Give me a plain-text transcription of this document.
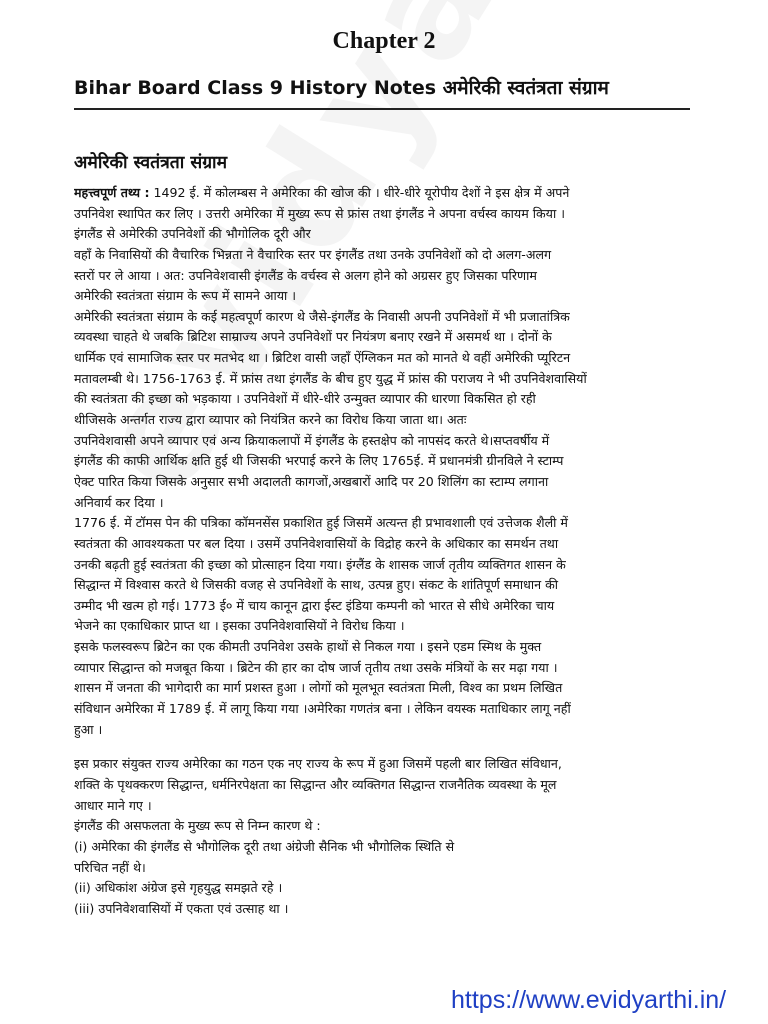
Chapter 2
Bihar Board Class 9 History Notes अमेरिकी स्वतंत्रता संग्राम
अमेरिकी स्वतंत्रता संग्राम
महत्त्वपूर्ण तथ्य : 1492 ई. में कोलम्बस ने अमेरिका की खोज की । धीरे-धीरे यूरोपीय देशों ने इस क्षेत्र में अपने
उपनिवेश स्थापित कर लिए । उत्तरी अमेरिका में मुख्य रूप से फ्रांस तथा इंगलैंड ने अपना वर्चस्व कायम किया ।
इंगलैंड से अमेरिकी उपनिवेशों की भौगोलिक दूरी और
वहाँ के निवासियों की वैचारिक भिन्नता ने वैचारिक स्तर पर इंगलैंड तथा उनके उपनिवेशों को दो अलग-अलग
स्तरों पर ले आया । अत: उपनिवेशवासी इंगलैंड के वर्चस्व से अलग होने को अग्रसर हुए जिसका परिणाम
अमेरिकी स्वतंत्रता संग्राम के रूप में सामने आया ।
अमेरिकी स्वतंत्रता संग्राम के कई महत्वपूर्ण कारण थे जैसे-इंगलैंड के निवासी अपनी उपनिवेशों में भी प्रजातांत्रिक
व्यवस्था चाहते थे जबकि ब्रिटिश साम्राज्य अपने उपनिवेशों पर नियंत्रण बनाए रखने में असमर्थ था । दोनों के
धार्मिक एवं सामाजिक स्तर पर मतभेद था । ब्रिटिश वासी जहाँ ऐंग्लिकन मत को मानते थे वहीं अमेरिकी प्यूरिटन
मतावलम्बी थे। 1756-1763 ई. में फ्रांस तथा इंगलैंड के बीच हुए युद्ध में फ्रांस की पराजय ने भी उपनिवेशवासियों
की स्वतंत्रता की इच्छा को भड़काया । उपनिवेशों में धीरे-धीरे उन्मुक्त व्यापार की धारणा विकसित हो रही
थीजिसके अन्तर्गत राज्य द्वारा व्यापार को नियंत्रित करने का विरोध किया जाता था। अतः
उपनिवेशवासी अपने व्यापार एवं अन्य क्रियाकलापों में इंगलैंड के हस्तक्षेप को नापसंद करते थे।सप्तवर्षीय में
इंगलैंड की काफी आर्थिक क्षति हुई थी जिसकी भरपाई करने के लिए 1765ई. में प्रधानमंत्री ग्रीनविले ने स्टाम्प
ऐक्ट पारित किया जिसके अनुसार सभी अदालती कागजों,अखबारों आदि पर 20 शिलिंग का स्टाम्प लगाना
अनिवार्य कर दिया ।
1776 ई. में टॉमस पेन की पत्रिका कॉमनसेंस प्रकाशित हुई जिसमें अत्यन्त ही प्रभावशाली एवं उत्तेजक शैली में
स्वतंत्रता की आवश्यकता पर बल दिया । उसमें उपनिवेशवासियों के विद्रोह करने के अधिकार का समर्थन तथा
उनकी बढ़ती हुई स्वतंत्रता की इच्छा को प्रोत्साहन दिया गया। इंग्लैंड के शासक जार्ज तृतीय व्यक्तिगत शासन के
सिद्धान्त में विश्वास करते थे जिसकी वजह से उपनिवेशों के साथ, उत्पन्न हुए। संकट के शांतिपूर्ण समाधान की
उम्मीद भी खत्म हो गई। 1773 ई० में चाय कानून द्वारा ईस्ट इंडिया कम्पनी को भारत से सीधे अमेरिका चाय
भेजने का एकाधिकार प्राप्त था । इसका उपनिवेशवासियों ने विरोध किया ।
इसके फलस्वरूप ब्रिटेन का एक कीमती उपनिवेश उसके हाथों से निकल गया । इसने एडम स्मिथ के मुक्त
व्यापार सिद्धान्त को मजबूत किया । ब्रिटेन की हार का दोष जार्ज तृतीय तथा उसके मंत्रियों के सर मढ़ा गया ।
शासन में जनता की भागेदारी का मार्ग प्रशस्त हुआ । लोगों को मूलभूत स्वतंत्रता मिली, विश्व का प्रथम लिखित
संविधान अमेरिका में 1789 ई. में लागू किया गया ।अमेरिका गणतंत्र बना । लेकिन वयस्क मताधिकार लागू नहीं
हुआ ।
इस प्रकार संयुक्त राज्य अमेरिका का गठन एक नए राज्य के रूप में हुआ जिसमें पहली बार लिखित संविधान,
शक्ति के पृथक्करण सिद्धान्त, धर्मनिरपेक्षता का सिद्धान्त और व्यक्तिगत सिद्धान्त राजनैतिक व्यवस्था के मूल
आधार माने गए ।
इंगलैंड की असफलता के मुख्य रूप से निम्न कारण थे :
(i) अमेरिका की इंगलैंड से भौगोलिक दूरी तथा अंग्रेजी सैनिक भी भौगोलिक स्थिति से
परिचित नहीं थे।
(ii) अधिकांश अंग्रेज इसे गृहयुद्ध समझते रहे ।
(iii) उपनिवेशवासियों में एकता एवं उत्साह था ।
https://www.evidyarthi.in/
